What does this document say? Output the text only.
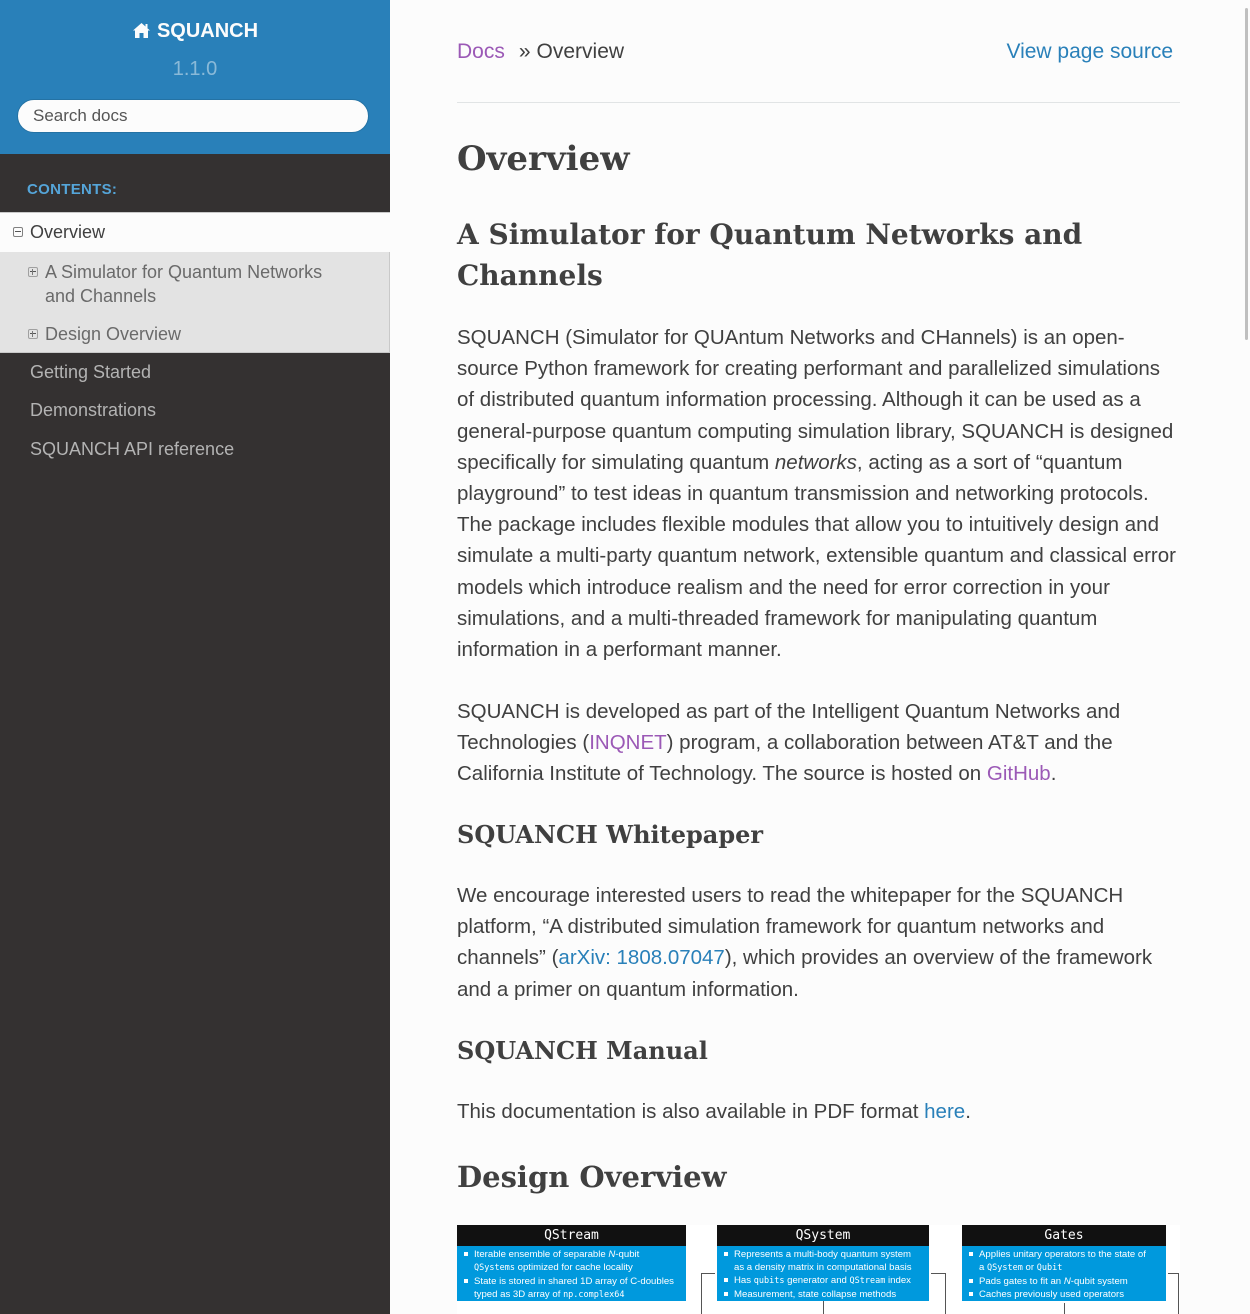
SQUANCH
1.1.0
Search docs
CONTENTS:
Overview
A Simulator for Quantum Networks and Channels
Design Overview
Getting Started
Demonstrations
SQUANCH API reference
Docs » Overview	View page source
Overview
A Simulator for Quantum Networks and Channels

SQUANCH (Simulator for QUAntum Networks and CHannels) is an open-source Python framework for creating performant and parallelized simulations of distributed quantum information processing. Although it can be used as a general-purpose quantum computing simulation library, SQUANCH is designed specifically for simulating quantum networks, acting as a sort of “quantum playground” to test ideas in quantum transmission and networking protocols. The package includes flexible modules that allow you to intuitively design and simulate a multi-party quantum network, extensible quantum and classical error models which introduce realism and the need for error correction in your simulations, and a multi-threaded framework for manipulating quantum information in a performant manner.

SQUANCH is developed as part of the Intelligent Quantum Networks and Technologies (INQNET) program, a collaboration between AT&T and the California Institute of Technology. The source is hosted on GitHub.

SQUANCH Whitepaper

We encourage interested users to read the whitepaper for the SQUANCH platform, “A distributed simulation framework for quantum networks and channels” (arXiv: 1808.07047), which provides an overview of the framework and a primer on quantum information.

SQUANCH Manual

This documentation is also available in PDF format here.

Design Overview
QStream
Iterable ensemble of separable N-qubit
QSystems optimized for cache locality
State is stored in shared 1D array of C-doubles
typed as 3D array of np.complex64
QSystem
Represents a multi-body quantum system
as a density matrix in computational basis
Has qubits generator and QStream index
Measurement, state collapse methods
Gates
Applies unitary operators to the state of
a QSystem or Qubit
Pads gates to fit an N-qubit system
Caches previously used operators
